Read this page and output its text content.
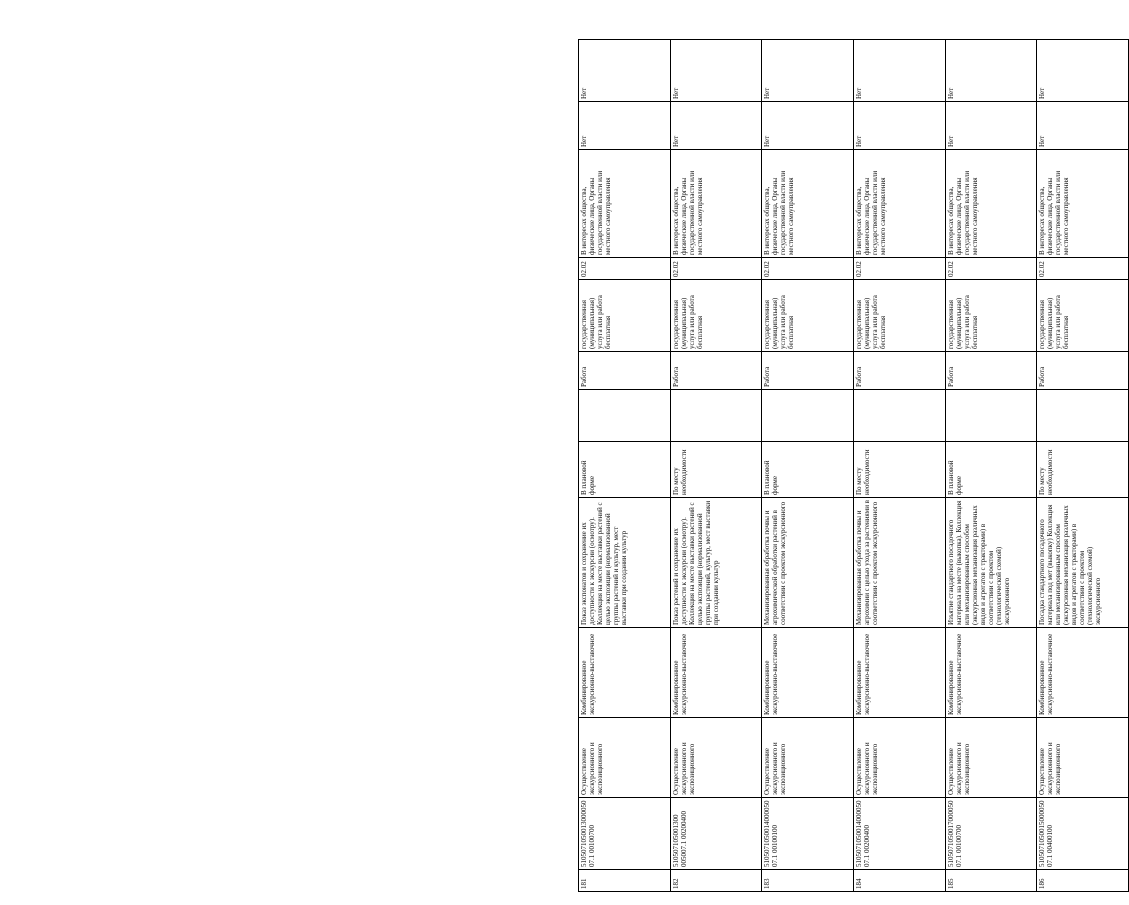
181	510507105001300005007.1 00100700	Осуществление экскурсионного и экспозиционного	Комбинированное экскурсионно-выставочное	Показ экспонатов и сохранение их доступности к экскурсии (осмотру). Коллекция на месте выставки растений с целью экспозиции (нормализованной группы растений и культур, мест выставки при создании культур	В плановой форме		Работа	государственная (муниципальная) услуга или работа бесплатная	02.02	В интересах общества, физические лица, Органы государственной власти или местного самоуправления	Нет	Нет
182	510507105001300 005007.1 00200400	Осуществление экскурсионного и экспозиционного	Комбинированное экскурсионно-выставочное	Показ растений и сохранение их доступности к экскурсии (осмотру). Коллекция на месте выставки растений с целью экспозиции (нормализованной группы растений, культур, мест выставки при создании культур	По месту необходимости		Работа	государственная (муниципальная) услуга или работа бесплатная	02.02	В интересах общества, физические лица, Органы государственной власти или местного самоуправления	Нет	Нет
183	510507105001400005007.1 00100100	Осуществление экскурсионного и экспозиционного	Комбинированное экскурсионно-выставочное	Механизированная обработка почвы и агрохимической обработки растений в соответствии с проектом экскурсионного	В плановой форме		Работа	государственная (муниципальная) услуга или работа бесплатная	02.02	В интересах общества, физические лица, Органы государственной власти или местного самоуправления	Нет	Нет
184	510507105001400005007.1 00200400	Осуществление экскурсионного и экспозиционного	Комбинированное экскурсионно-выставочное	Механизированная обработка почвы и агрохимии с целью ухода за растениями в соответствии с проектом экскурсионного	По месту необходимости		Работа	государственная (муниципальная) услуга или работа бесплатная	02.02	В интересах общества, физические лица, Органы государственной власти или местного самоуправления	Нет	Нет
185	510507105001700005007.1 00100700	Осуществление экскурсионного и экспозиционного	Комбинированное экскурсионно-выставочное	Изъятие стандартного посадочного материала на месте (выкопка). Коллекция или механизированным способом (экскурсионная механизация различных видов и агрегатов с тракторами) в соответствии с проектом (технологической схемой) экскурсионного	В плановой форме		Работа	государственная (муниципальная) услуга или работа бесплатная	02.02	В интересах общества, физические лица, Органы государственной власти или местного самоуправления	Нет	Нет
186	510507105001500005007.1 00400100	Осуществление экскурсионного и экспозиционного	Комбинированное экскурсионно-выставочное	Посадка стандартного посадочного материала под мет (выкопку) Коллекция или механизированным способом (экскурсионная механизация различных видов и агрегатов с тракторами) в соответствии с проектом (технологической схемой) экскурсионного	По месту необходимости		Работа	государственная (муниципальная) услуга или работа бесплатная	02.02	В интересах общества, физические лица, Органы государственной власти или местного самоуправления	Нет	Нет
